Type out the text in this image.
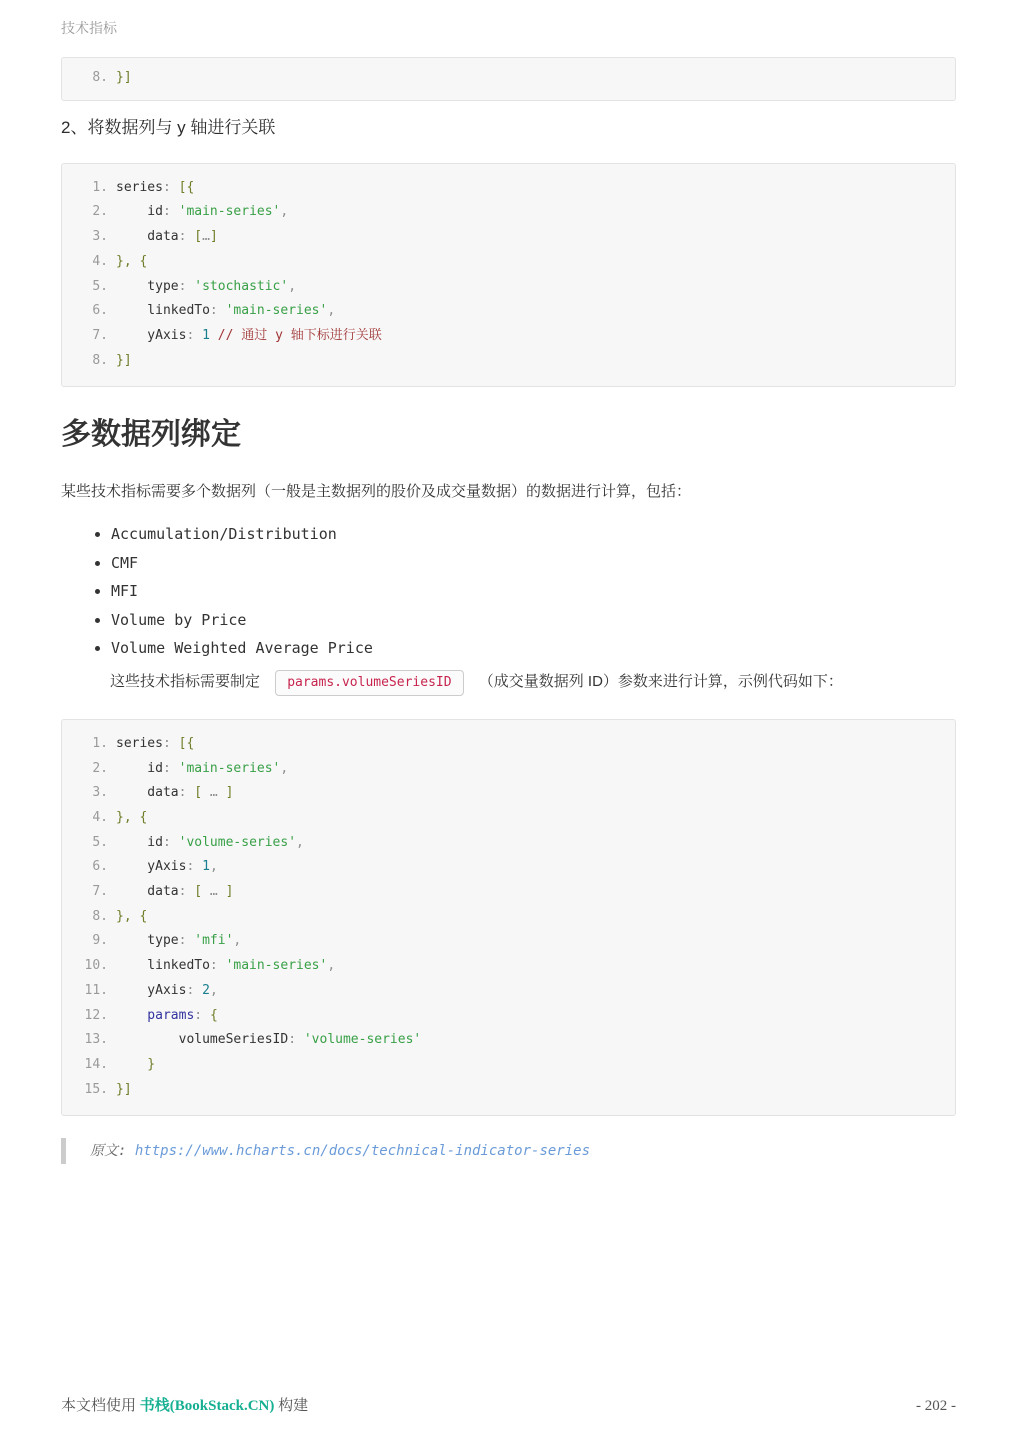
技术指标
8. }]
2、将数据列与 y 轴进行关联
1. series: [{
2.    id: 'main-series',
3.    data: […]
4. }, {
5.    type: 'stochastic',
6.    linkedTo: 'main-series',
7.    yAxis: 1 // 通过 y 轴下标进行关联
8. }]
多数据列绑定

某些技术指标需要多个数据列（一般是主数据列的股价及成交量数据）的数据进行计算，包括：

• Accumulation/Distribution
• CMF
• MFI
• Volume by Price
• Volume Weighted Average Price
这些技术指标需要制定 params.volumeSeriesID （成交量数据列 ID）参数来进行计算，示例代码如下：
1. series: [{
2.    id: 'main-series',
3.    data: [ … ]
4. }, {
5.    id: 'volume-series',
6.    yAxis: 1,
7.    data: [ … ]
8. }, {
9.    type: 'mfi',
10.    linkedTo: 'main-series',
11.    yAxis: 2,
12.    params: {
13.        volumeSeriesID: 'volume-series'
14.    }
15. }]
原文: https://www.hcharts.cn/docs/technical-indicator-series
本文档使用 书栈(BookStack.CN) 构建	- 202 -
